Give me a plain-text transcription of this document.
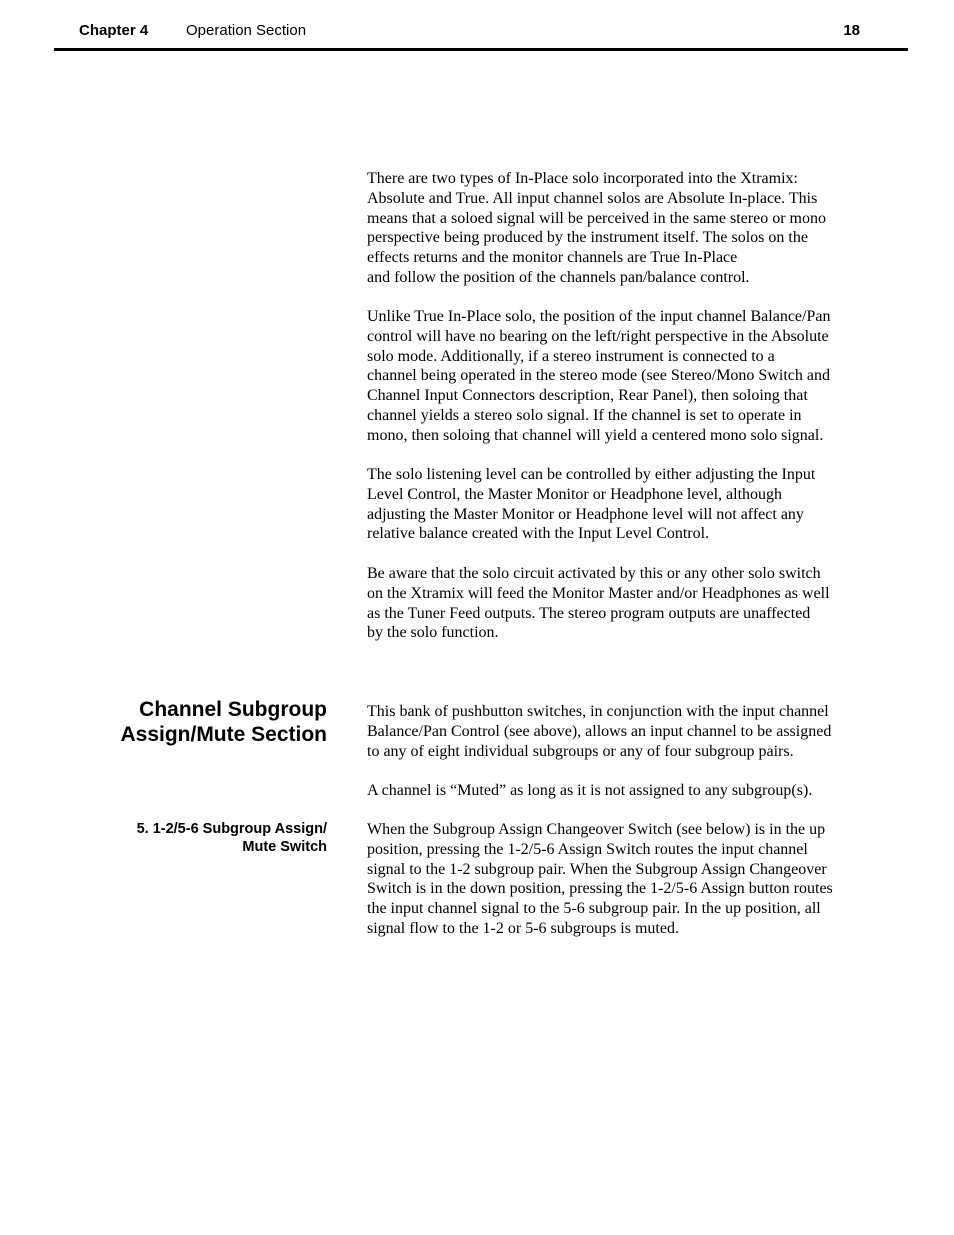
Chapter 4	Operation Section	18

There are two types of In-Place solo incorporated into the Xtramix:
Absolute and True. All input channel solos are Absolute In-place. This
means that a soloed signal will be perceived in the same stereo or mono
perspective being produced by the instrument itself. The solos on the
effects returns and the monitor channels are True In-Place
and follow the position of the channels pan/balance control.

Unlike True In-Place solo, the position of the input channel Balance/Pan
control will have no bearing on the left/right perspective in the Absolute
solo mode. Additionally, if a stereo instrument is connected to a
channel being operated in the stereo mode (see Stereo/Mono Switch and
Channel Input Connectors description, Rear Panel), then soloing that
channel yields a stereo solo signal. If the channel is set to operate in
mono, then soloing that channel will yield a centered mono solo signal.

The solo listening level can be controlled by either adjusting the Input
Level Control, the Master Monitor or Headphone level, although
adjusting the Master Monitor or Headphone level will not affect any
relative balance created with the Input Level Control.

Be aware that the solo circuit activated by this or any other solo switch
on the Xtramix will feed the Monitor Master and/or Headphones as well
as the Tuner Feed outputs. The stereo program outputs are unaffected
by the solo function.

Channel Subgroup
Assign/Mute Section

This bank of pushbutton switches, in conjunction with the input channel
Balance/Pan Control (see above), allows an input channel to be assigned
to any of eight individual subgroups or any of four subgroup pairs.

A channel is “Muted” as long as it is not assigned to any subgroup(s).

5. 1-2/5-6 Subgroup Assign/
Mute Switch

When the Subgroup Assign Changeover Switch (see below) is in the up
position, pressing the 1-2/5-6 Assign Switch routes the input channel
signal to the 1-2 subgroup pair. When the Subgroup Assign Changeover
Switch is in the down position, pressing the 1-2/5-6 Assign button routes
the input channel signal to the 5-6 subgroup pair. In the up position, all
signal flow to the 1-2 or 5-6 subgroups is muted.
